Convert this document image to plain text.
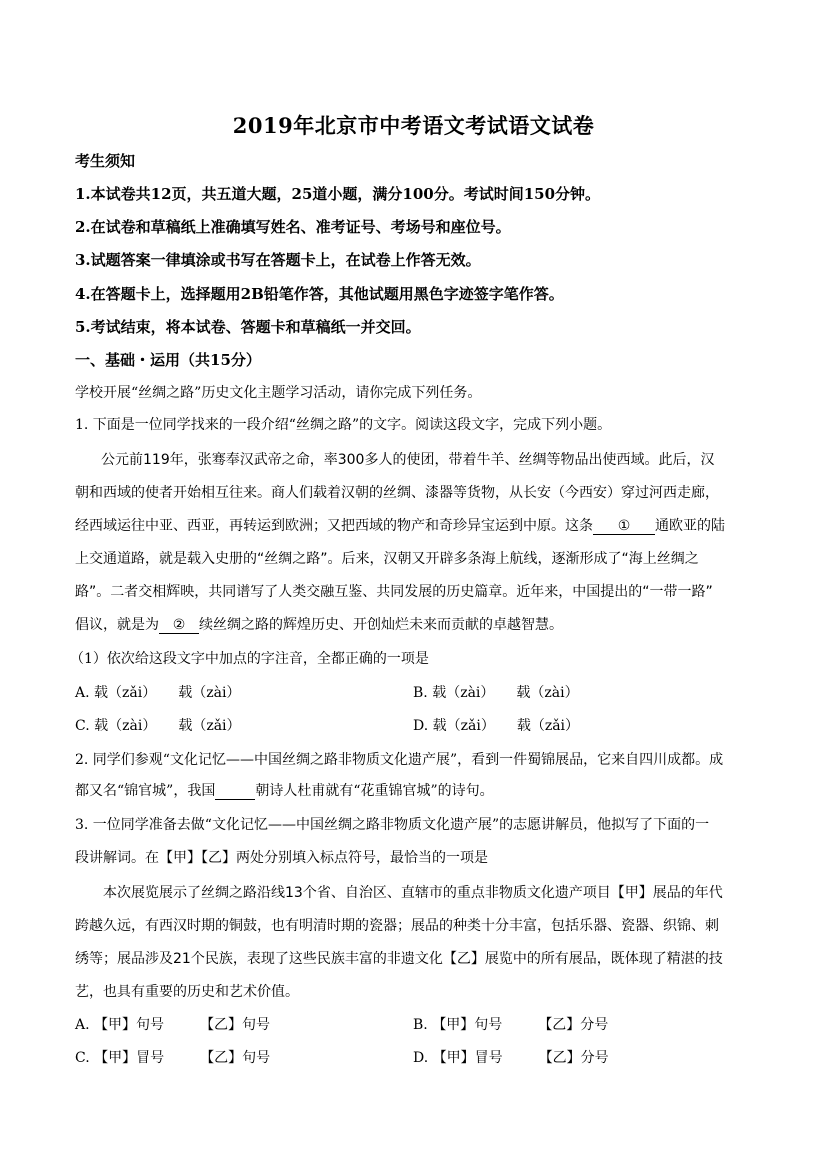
2019年北京市中考语文考试语文试卷
考生须知
1.本试卷共12页，共五道大题，25道小题，满分100分。考试时间150分钟。
2.在试卷和草稿纸上准确填写姓名、准考证号、考场号和座位号。
3.试题答案一律填涂或书写在答题卡上，在试卷上作答无效。
4.在答题卡上，选择题用2B铅笔作答，其他试题用黑色字迹签字笔作答。
5.考试结束，将本试卷、答题卡和草稿纸一并交回。
一、基础・运用（共15分）
学校开展“丝绸之路”历史文化主题学习活动，请你完成下列任务。
1. 下面是一位同学找来的一段介绍“丝绸之路”的文字。阅读这段文字，完成下列小题。
公元前119年，张骞奉汉武帝之命，率300多人的使团，带着牛羊、丝绸等物品出使西域。此后，汉
朝和西域的使者开始相互往来。商人们载着汉朝的丝绸、漆器等货物，从长安（今西安）穿过河西走廊，
经西域运往中亚、西亚，再转运到欧洲；又把西域的物产和奇珍异宝运到中原。这条 ① 通欧亚的陆
上交通道路，就是载入史册的“丝绸之路”。后来，汉朝又开辟多条海上航线，逐渐形成了“海上丝绸之
路”。二者交相辉映，共同谱写了人类交融互鉴、共同发展的历史篇章。近年来，中国提出的“一带一路”
倡议，就是为 ② 续丝绸之路的辉煌历史、开创灿烂未来而贡献的卓越智慧。
（1）依次给这段文字中加点的字注音，全都正确的一项是
A. 载（zǎi） 载（zài）	B. 载（zài） 载（zài）
C. 载（zài） 载（zǎi）	D. 载（zǎi） 载（zǎi）
2. 同学们参观“文化记忆——中国丝绸之路非物质文化遗产展”，看到一件蜀锦展品，它来自四川成都。成
都又名“锦官城”，我国	朝诗人杜甫就有“花重锦官城”的诗句。
3. 一位同学准备去做“文化记忆——中国丝绸之路非物质文化遗产展”的志愿讲解员，他拟写了下面的一
段讲解词。在【甲】【乙】两处分别填入标点符号，最恰当的一项是
本次展览展示了丝绸之路沿线13个省、自治区、直辖市的重点非物质文化遗产项目【甲】展品的年代
跨越久远，有西汉时期的铜鼓，也有明清时期的瓷器；展品的种类十分丰富，包括乐器、瓷器、织锦、刺
绣等；展品涉及21个民族，表现了这些民族丰富的非遗文化【乙】展览中的所有展品，既体现了精湛的技
艺，也具有重要的历史和艺术价值。
A. 【甲】句号	【乙】句号	B. 【甲】句号	【乙】分号
C. 【甲】冒号	【乙】句号	D. 【甲】冒号	【乙】分号
